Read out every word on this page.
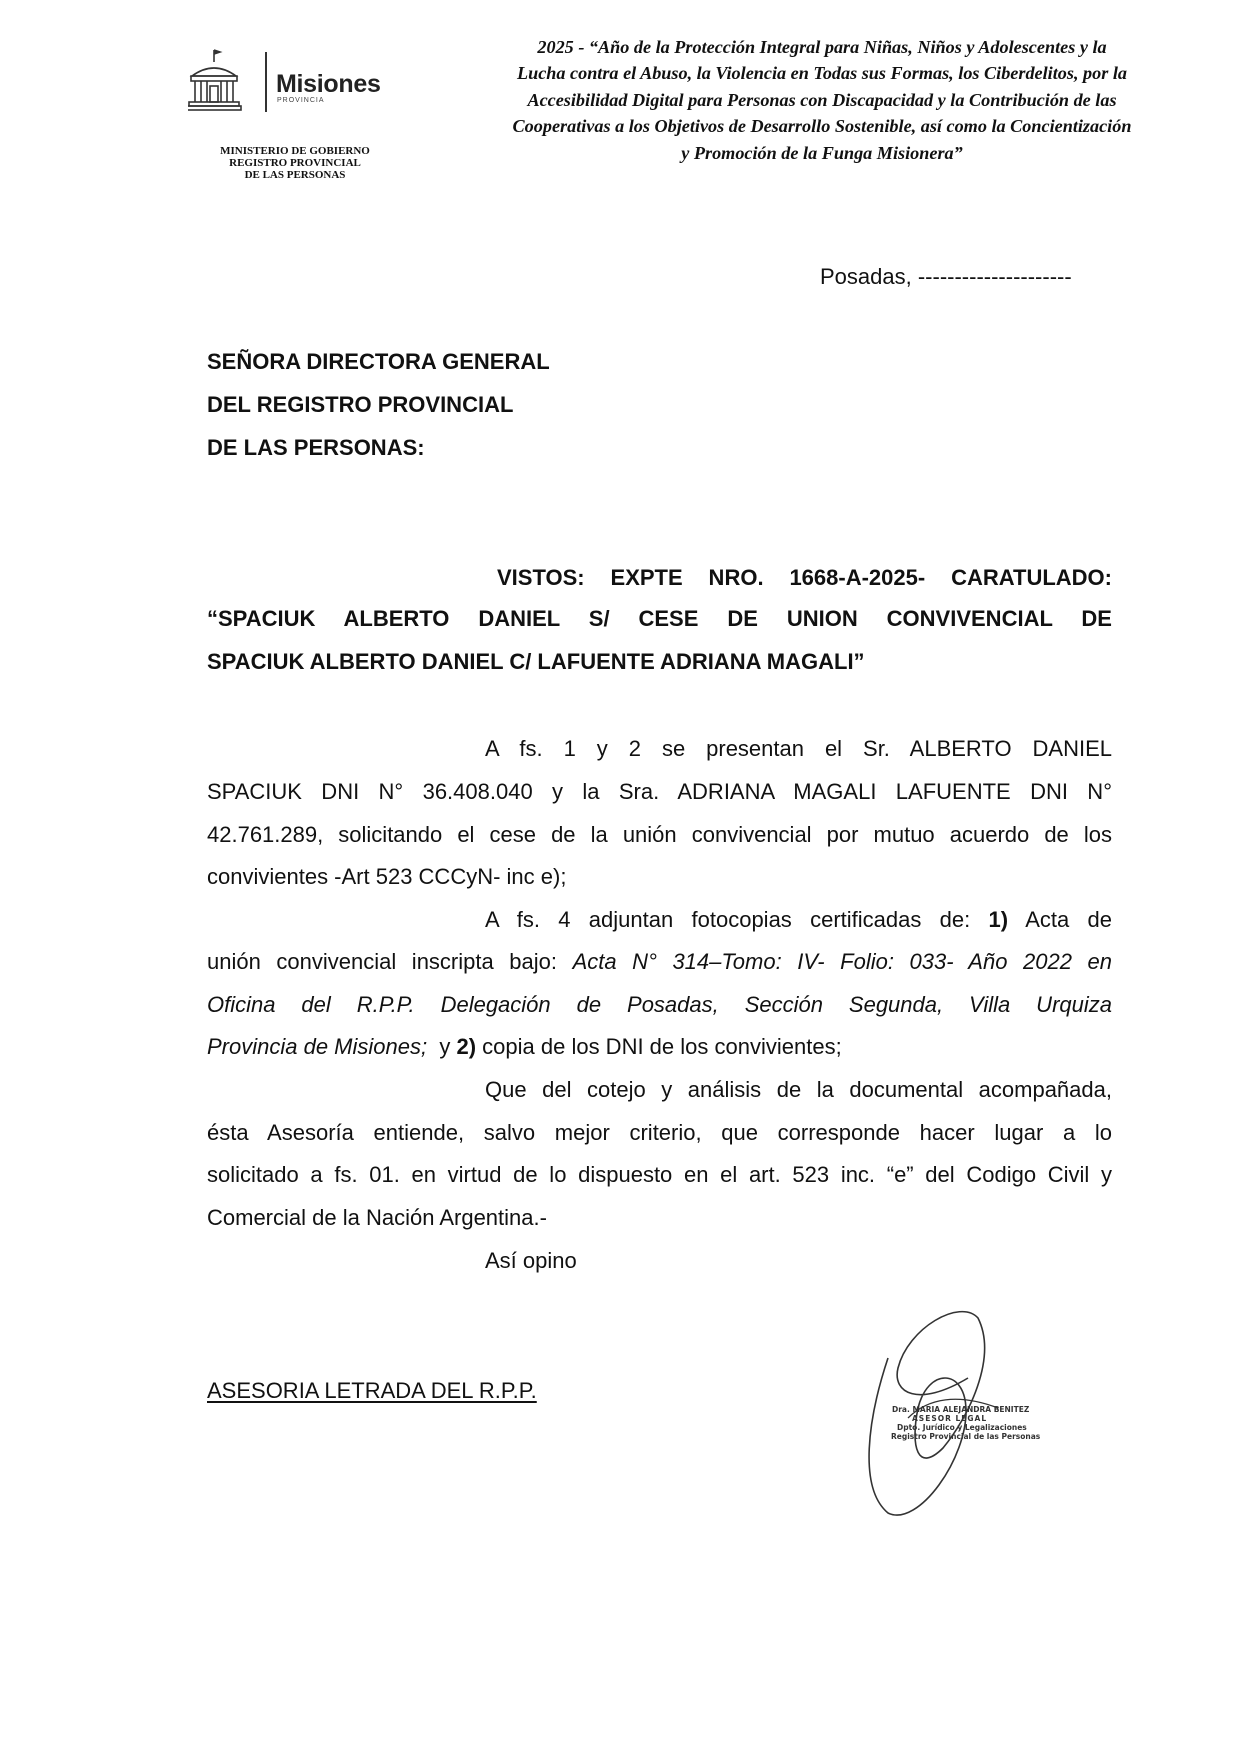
Misiones
PROVINCIA
MINISTERIO DE GOBIERNO
REGISTRO PROVINCIAL
DE LAS PERSONAS
2025 - “Año de la Protección Integral para Niñas, Niños y Adolescentes y la
Lucha contra el Abuso, la Violencia en Todas sus Formas, los Ciberdelitos, por la
Accesibilidad Digital para Personas con Discapacidad y la Contribución de las
Cooperativas a los Objetivos de Desarrollo Sostenible, así como la Concientización
y Promoción de la Funga Misionera”
Posadas, ---------------------
SEÑORA DIRECTORA GENERAL
DEL REGISTRO PROVINCIAL
DE LAS PERSONAS:
VISTOS: EXPTE NRO. 1668-A-2025- CARATULADO:
“SPACIUK ALBERTO DANIEL S/ CESE DE UNION CONVIVENCIAL DE
SPACIUK ALBERTO DANIEL C/ LAFUENTE ADRIANA MAGALI”
A fs. 1 y 2 se presentan el Sr. ALBERTO DANIEL
SPACIUK DNI N° 36.408.040 y la Sra. ADRIANA MAGALI LAFUENTE DNI N°
42.761.289, solicitando el cese de la unión convivencial por mutuo acuerdo de los
convivientes -Art 523 CCCyN- inc e);
A fs. 4 adjuntan fotocopias certificadas de: 1) Acta de
unión convivencial inscripta bajo: Acta N° 314–Tomo: IV- Folio: 033- Año 2022 en
Oficina del R.P.P. Delegación de Posadas, Sección Segunda, Villa Urquiza
Provincia de Misiones; y 2) copia de los DNI de los convivientes;
Que del cotejo y análisis de la documental acompañada,
ésta Asesoría entiende, salvo mejor criterio, que corresponde hacer lugar a lo
solicitado a fs. 01. en virtud de lo dispuesto en el art. 523 inc. “e” del Codigo Civil y
Comercial de la Nación Argentina.-
Así opino
ASESORIA LETRADA DEL R.P.P.
Dra. MARIA ALEJANDRA BENITEZ
ASESOR LEGAL
Dpto. Jurídico y Legalizaciones
Registro Provincial de las Personas
